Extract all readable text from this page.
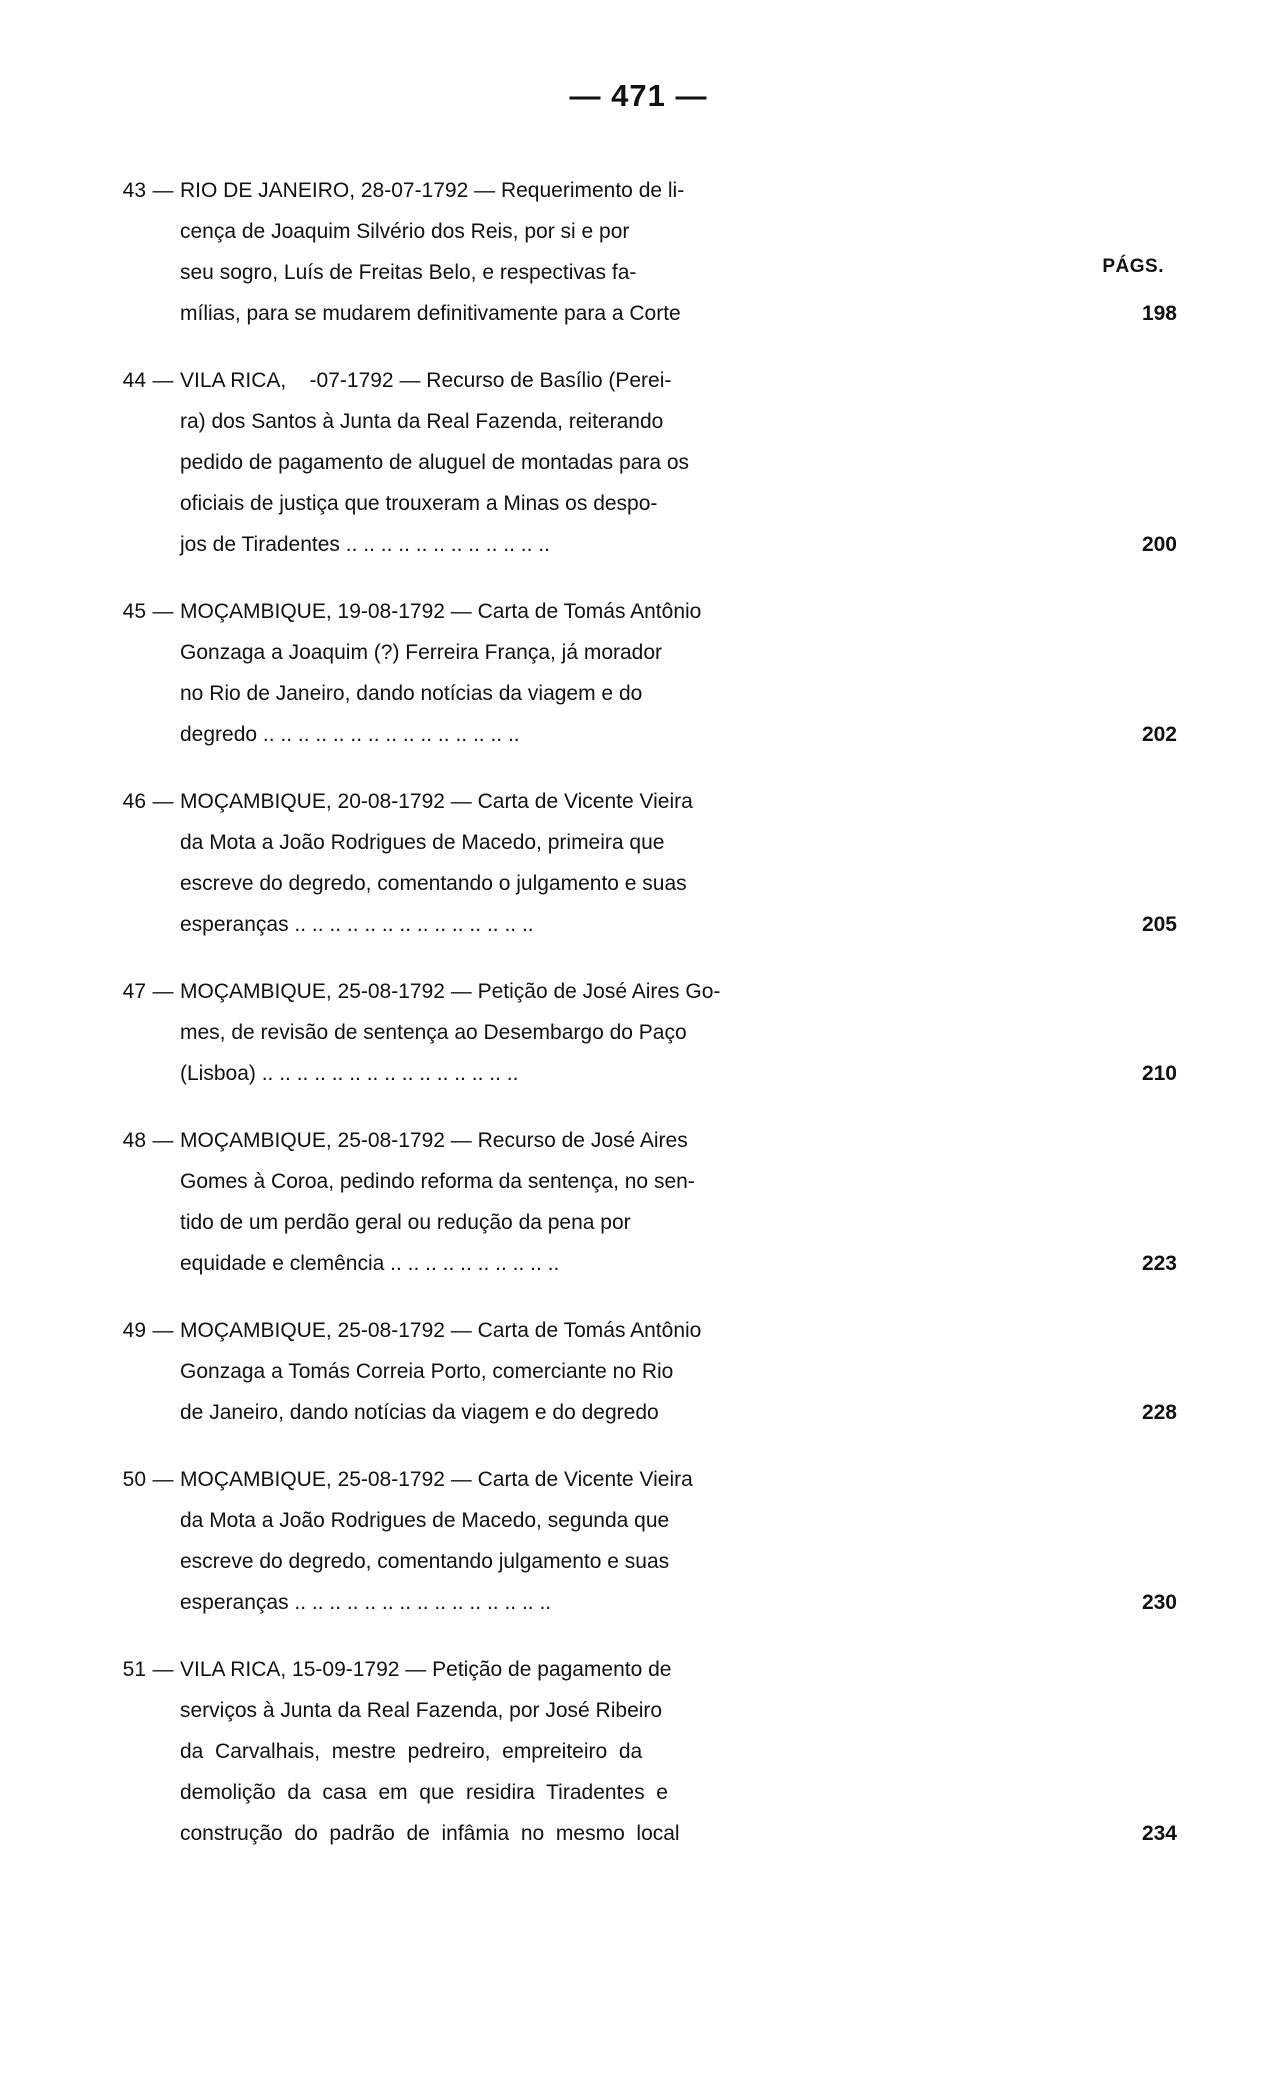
— 471 —
PÁGS.
43 — RIO DE JANEIRO, 28-07-1792 — Requerimento de li-
cença de Joaquim Silvério dos Reis, por si e por
seu sogro, Luís de Freitas Belo, e respectivas fa-
mílias, para se mudarem definitivamente para a Corte	198
44 — VILA RICA,    -07-1792 — Recurso de Basílio (Perei-
ra) dos Santos à Junta da Real Fazenda, reiterando
pedido de pagamento de aluguel de montadas para os
oficiais de justiça que trouxeram a Minas os despo-
jos de Tiradentes .. .. .. .. .. .. .. .. .. .. .. ..	200
45 — MOÇAMBIQUE, 19-08-1792 — Carta de Tomás Antônio
Gonzaga a Joaquim (?) Ferreira França, já morador
no Rio de Janeiro, dando notícias da viagem e do
degredo .. .. .. .. .. .. .. .. .. .. .. .. .. .. ..	202
46 — MOÇAMBIQUE, 20-08-1792 — Carta de Vicente Vieira
da Mota a João Rodrigues de Macedo, primeira que
escreve do degredo, comentando o julgamento e suas
esperanças .. .. .. .. .. .. .. .. .. .. .. .. .. ..	205
47 — MOÇAMBIQUE, 25-08-1792 — Petição de José Aires Go-
mes, de revisão de sentença ao Desembargo do Paço
(Lisboa) .. .. .. .. .. .. .. .. .. .. .. .. .. .. ..	210
48 — MOÇAMBIQUE, 25-08-1792 — Recurso de José Aires
Gomes à Coroa, pedindo reforma da sentença, no sen-
tido de um perdão geral ou redução da pena por
equidade e clemência .. .. .. .. .. .. .. .. .. ..	223
49 — MOÇAMBIQUE, 25-08-1792 — Carta de Tomás Antônio
Gonzaga a Tomás Correia Porto, comerciante no Rio
de Janeiro, dando notícias da viagem e do degredo	228
50 — MOÇAMBIQUE, 25-08-1792 — Carta de Vicente Vieira
da Mota a João Rodrigues de Macedo, segunda que
escreve do degredo, comentando julgamento e suas
esperanças .. .. .. .. .. .. .. .. .. .. .. .. .. .. ..	230
51 — VILA RICA, 15-09-1792 — Petição de pagamento de
serviços à Junta da Real Fazenda, por José Ribeiro
da  Carvalhais,  mestre  pedreiro,  empreiteiro  da
demolição  da  casa  em  que  residira  Tiradentes  e
construção  do  padrão  de  infâmia  no  mesmo  local	234
